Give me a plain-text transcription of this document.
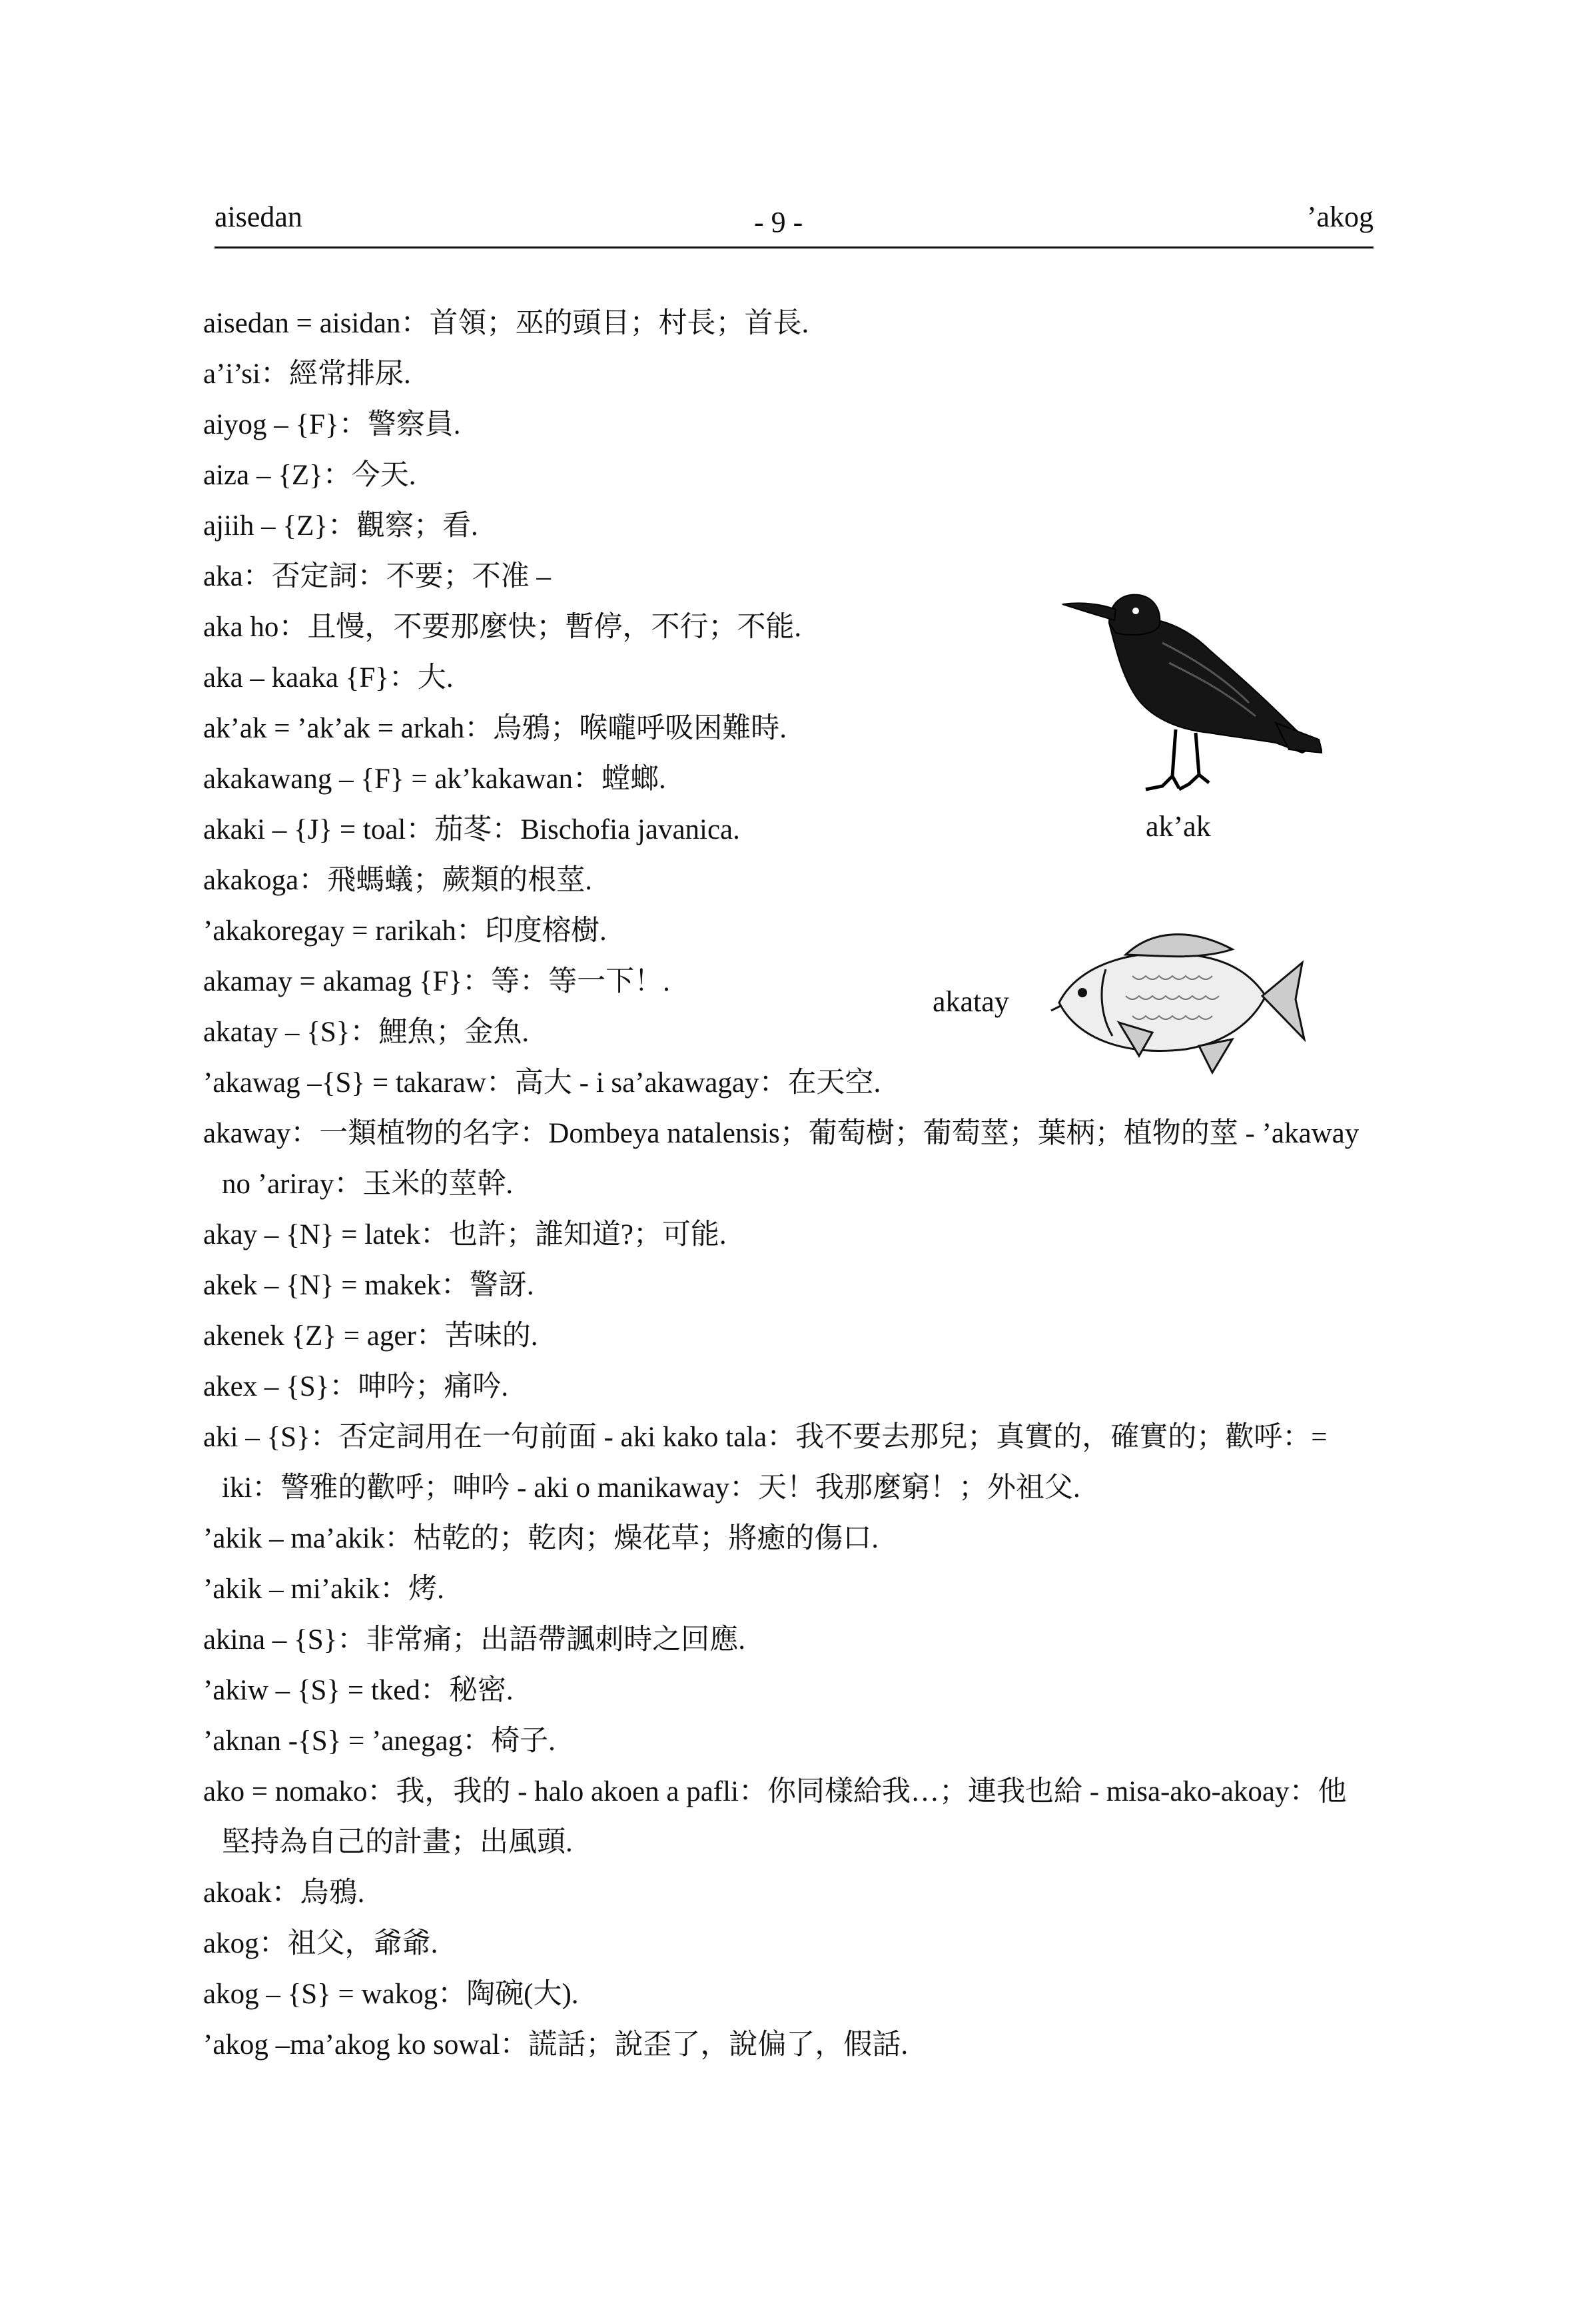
aisedan	- 9 -	’akog
aisedan = aisidan：首領；巫的頭目；村長；首長.
a’i’si：經常排尿.
aiyog – {F}：警察員.
aiza – {Z}：今天.
ajiih – {Z}：觀察；看.
aka：否定詞：不要；不准 –
aka ho：且慢，不要那麼快；暫停，不行；不能.
aka – kaaka {F}：大.
ak’ak = ’ak’ak = arkah：烏鴉；喉嚨呼吸困難時.
akakawang – {F} = ak’kakawan：螳螂.
akaki – {J} = toal：茄苳：Bischofia javanica.
akakoga：飛螞蟻；蕨類的根莖.
’akakoregay = rarikah：印度榕樹.
akamay = akamag {F}：等：等一下！.
akatay – {S}：鯉魚；金魚.
’akawag –{S} = takaraw：高大 - i sa’akawagay：在天空.
akaway：一類植物的名字：Dombeya natalensis；葡萄樹；葡萄莖；葉柄；植物的莖 - ’akaway no ’ariray：玉米的莖幹.
akay – {N} = latek：也許；誰知道?；可能.
akek – {N} = makek：警訝.
akenek {Z} = ager：苦味的.
akex – {S}：呻吟；痛吟.
aki – {S}：否定詞用在一句前面 - aki kako tala：我不要去那兒；真實的，確實的；歡呼：= iki：警雅的歡呼；呻吟 - aki o manikaway：天！我那麼窮！；外祖父.
’akik – ma’akik：枯乾的；乾肉；燥花草；將癒的傷口.
’akik – mi’akik：烤.
akina – {S}：非常痛；出語帶諷刺時之回應.
’akiw – {S} = tked：秘密.
’aknan -{S} = ’anegag：椅子.
ako = nomako：我，我的 - halo akoen a pafli：你同樣給我…；連我也給 - misa-ako-akoay：他堅持為自己的計畫；出風頭.
akoak：烏鴉.
akog：祖父，爺爺.
akog – {S} = wakog：陶碗(大).
’akog –ma’akog ko sowal：謊話；說歪了，說偏了，假話.
ak’ak
akatay
